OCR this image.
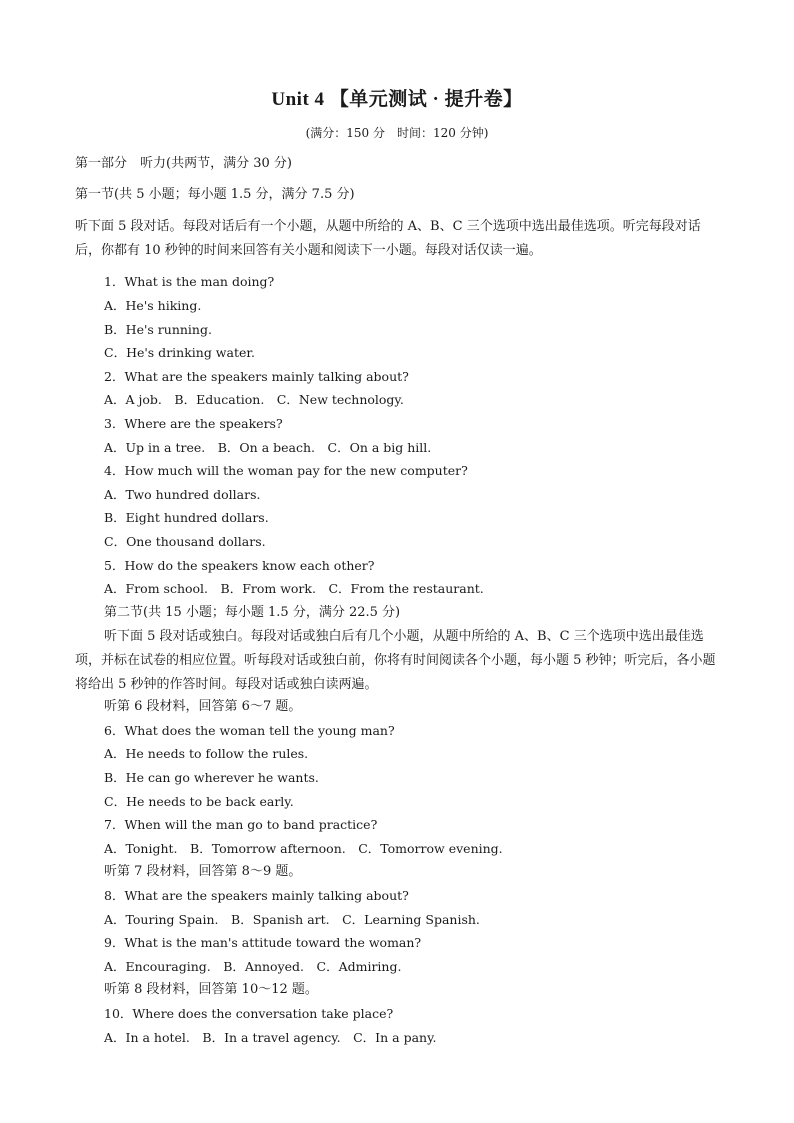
Unit 4 【单元测试 · 提升卷】
(满分：150 分　时间：120 分钟)
第一部分　听力(共两节，满分 30 分)
第一节(共 5 小题；每小题 1.5 分，满分 7.5 分)
听下面 5 段对话。每段对话后有一个小题，从题中所给的 A、B、C 三个选项中选出最佳选项。听完每段对话后，你都有 10 秒钟的时间来回答有关小题和阅读下一小题。每段对话仅读一遍。
1．What is the man doing?
A．He's hiking.
B．He's running.
C．He's drinking water.
2．What are the speakers mainly talking about?
A．A job.　B．Education.　C．New technology.
3．Where are the speakers?
A．Up in a tree.　B．On a beach.　C．On a big hill.
4．How much will the woman pay for the new computer?
A．Two hundred dollars.
B．Eight hundred dollars.
C．One thousand dollars.
5．How do the speakers know each other?
A．From school.　B．From work.　C．From the restaurant.
第二节(共 15 小题；每小题 1.5 分，满分 22.5 分)
听下面 5 段对话或独白。每段对话或独白后有几个小题，从题中所给的 A、B、C 三个选项中选出最佳选项，并标在试卷的相应位置。听每段对话或独白前，你将有时间阅读各个小题，每小题 5 秒钟；听完后，各小题将给出 5 秒钟的作答时间。每段对话或独白读两遍。
听第 6 段材料，回答第 6～7 题。
6．What does the woman tell the young man?
A．He needs to follow the rules.
B．He can go wherever he wants.
C．He needs to be back early.
7．When will the man go to band practice?
A．Tonight.　B．Tomorrow afternoon.　C．Tomorrow evening.
听第 7 段材料，回答第 8～9 题。
8．What are the speakers mainly talking about?
A．Touring Spain.　B．Spanish art.　C．Learning Spanish.
9．What is the man's attitude toward the woman?
A．Encouraging.　B．Annoyed.　C．Admiring.
听第 8 段材料，回答第 10～12 题。
10．Where does the conversation take place?
A．In a hotel.　B．In a travel agency.　C．In a pany.
